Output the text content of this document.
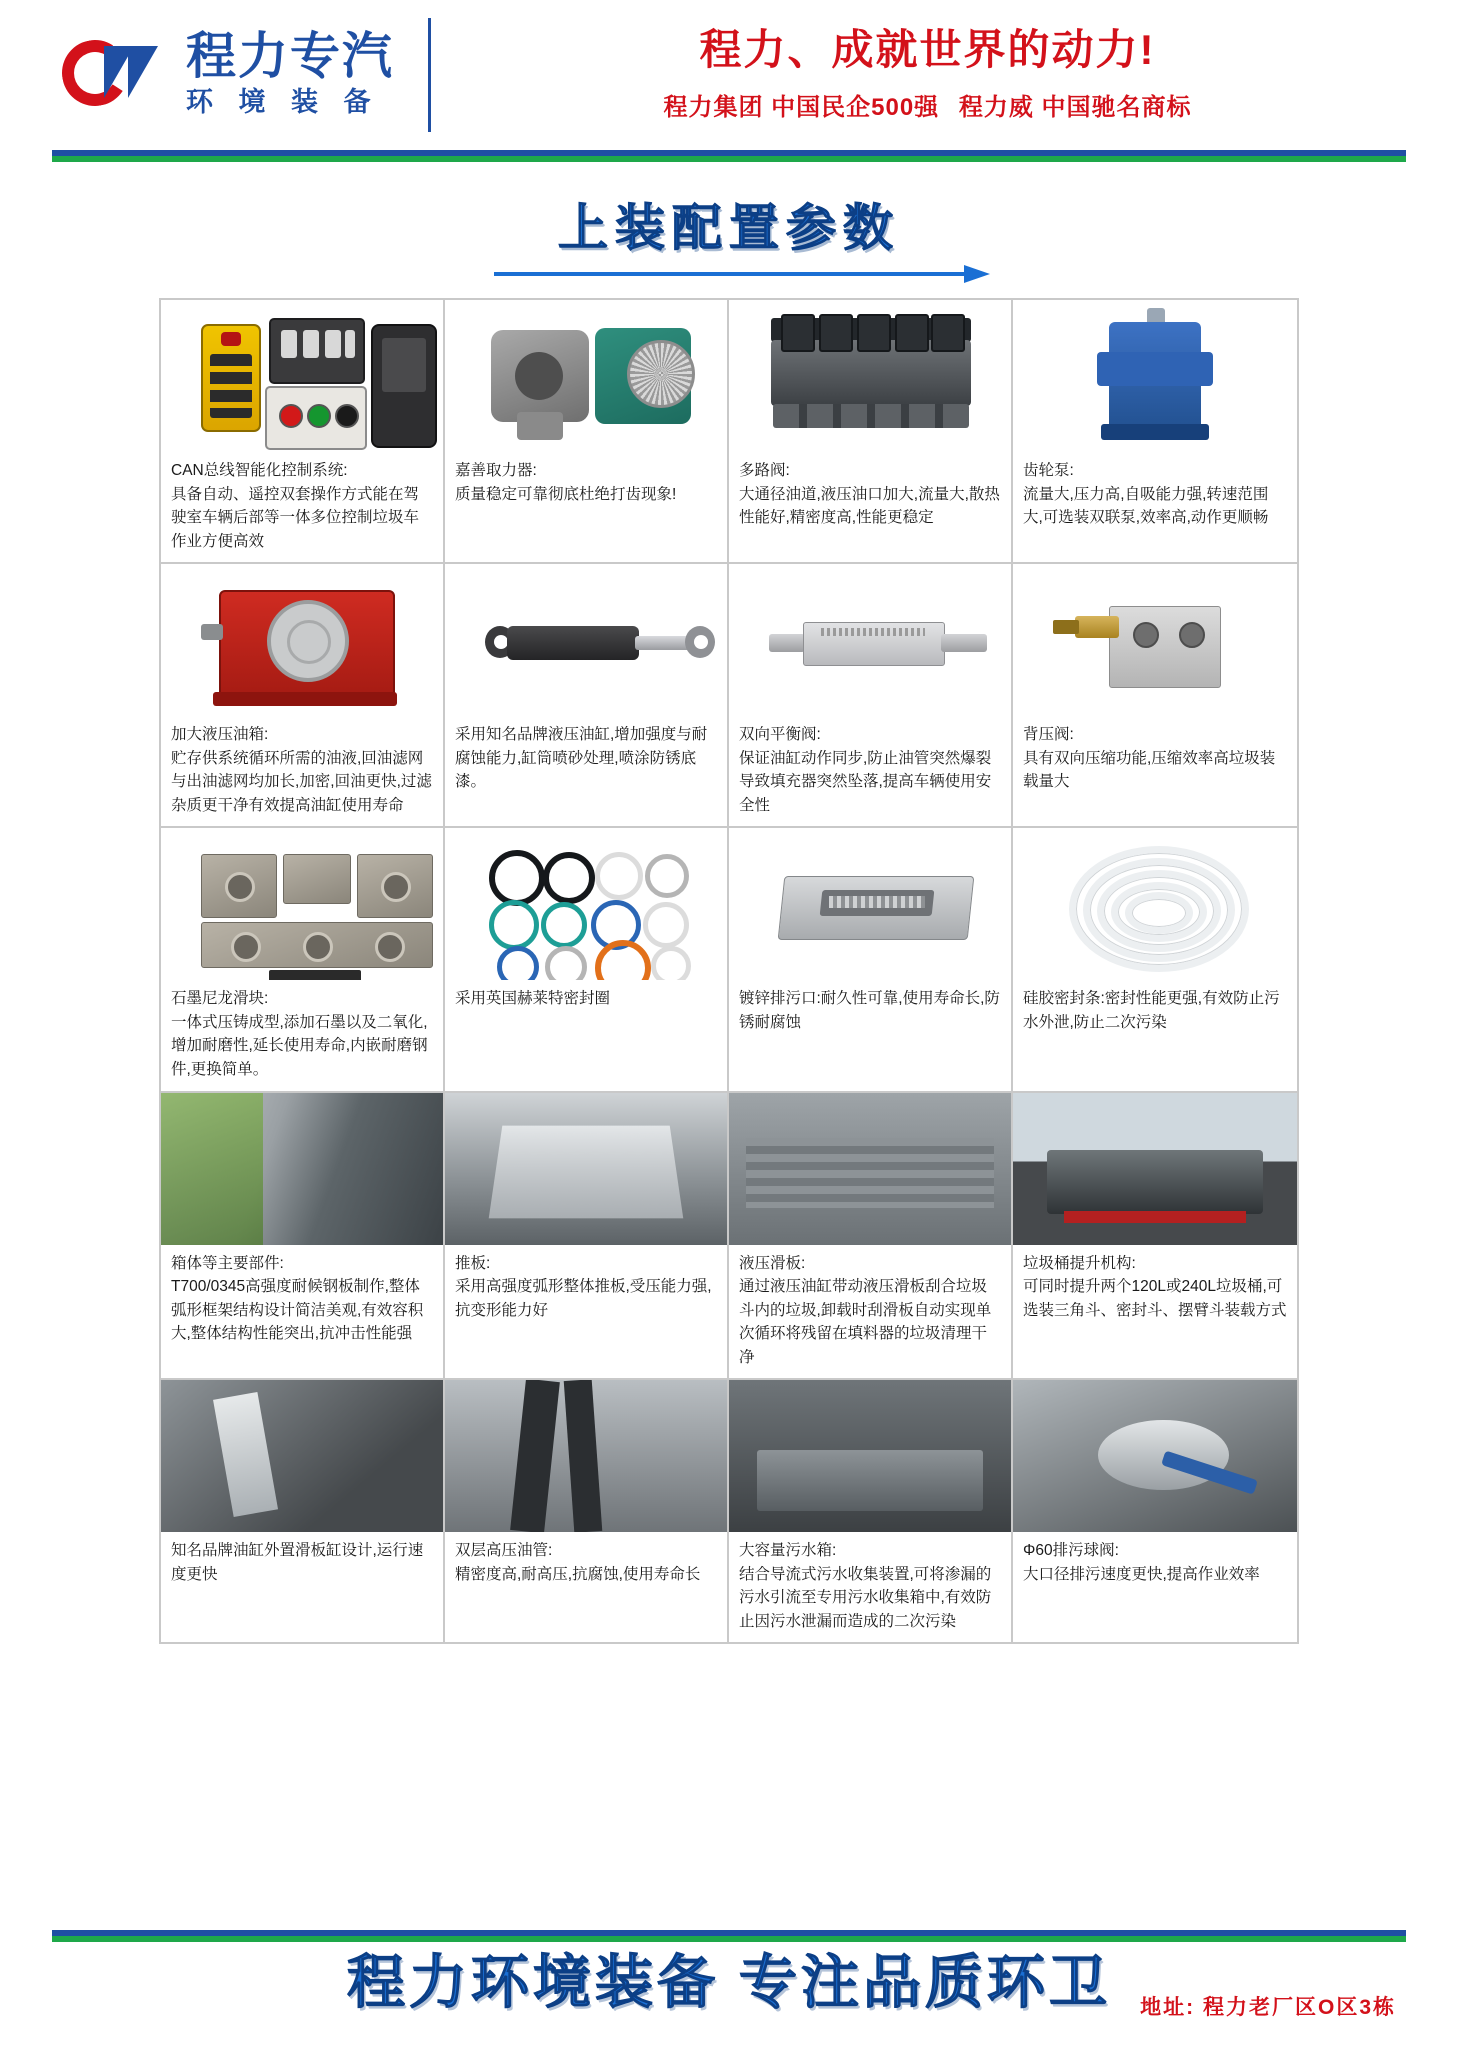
程力专汽
环 境 装 备
程力、成就世界的动力!
程力集团 中国民企500强 程力威 中国驰名商标
上装配置参数
CAN总线智能化控制系统:
具备自动、遥控双套操作方式能在驾驶室车辆后部等一体多位控制垃圾车作业方便高效
嘉善取力器:
质量稳定可靠彻底杜绝打齿现象!
多路阀:
大通径油道,液压油口加大,流量大,散热性能好,精密度高,性能更稳定
齿轮泵:
流量大,压力高,自吸能力强,转速范围大,可选装双联泵,效率高,动作更顺畅
加大液压油箱:
贮存供系统循环所需的油液,回油滤网与出油滤网均加长,加密,回油更快,过滤杂质更干净有效提高油缸使用寿命
采用知名品牌液压油缸,增加强度与耐腐蚀能力,缸筒喷砂处理,喷涂防锈底漆。
双向平衡阀:
保证油缸动作同步,防止油管突然爆裂导致填充器突然坠落,提高车辆使用安全性
背压阀:
具有双向压缩功能,压缩效率高垃圾装载量大
石墨尼龙滑块:
一体式压铸成型,添加石墨以及二氧化,增加耐磨性,延长使用寿命,内嵌耐磨钢件,更换简单。
采用英国赫莱特密封圈	镀锌排污口:耐久性可靠,使用寿命长,防锈耐腐蚀
硅胶密封条:密封性能更强,有效防止污水外泄,防止二次污染
箱体等主要部件:
T700/0345高强度耐候钢板制作,整体弧形框架结构设计简洁美观,有效容积大,整体结构性能突出,抗冲击性能强
推板:
采用高强度弧形整体推板,受压能力强,抗变形能力好
液压滑板:
通过液压油缸带动液压滑板刮合垃圾斗内的垃圾,卸载时刮滑板自动实现单次循环将残留在填料器的垃圾清理干净
垃圾桶提升机构:
可同时提升两个120L或240L垃圾桶,可选装三角斗、密封斗、摆臂斗装载方式
知名品牌油缸外置滑板缸设计,运行速度更快
双层高压油管:
精密度高,耐高压,抗腐蚀,使用寿命长
大容量污水箱:
结合导流式污水收集装置,可将渗漏的污水引流至专用污水收集箱中,有效防止因污水泄漏而造成的二次污染
Φ60排污球阀:
大口径排污速度更快,提高作业效率
程力环境装备 专注品质环卫	地址: 程力老厂区O区3栋
